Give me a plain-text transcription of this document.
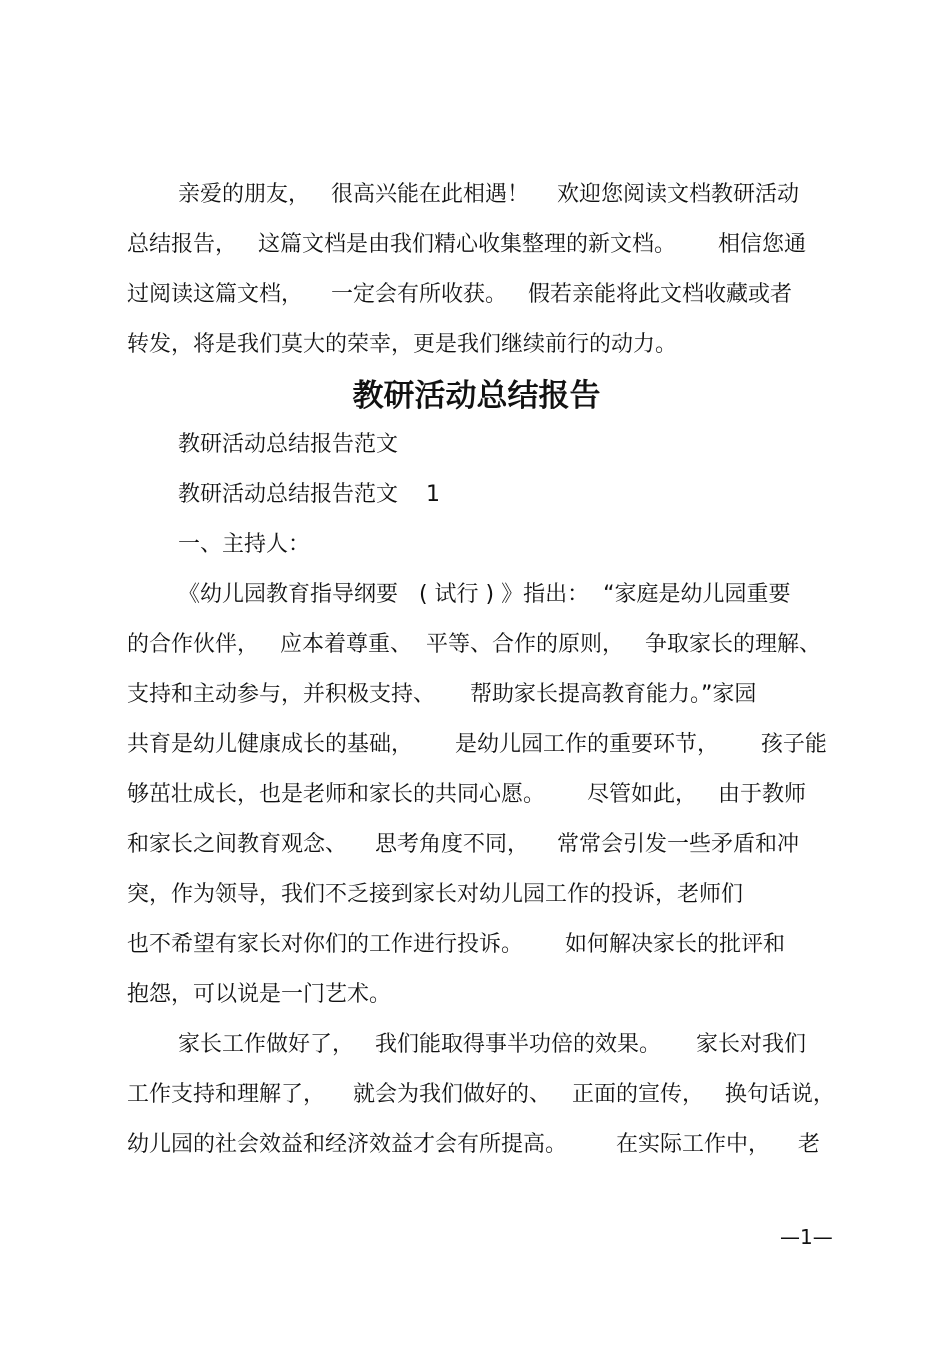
亲爱的朋友，   很高兴能在此相遇！    欢迎您阅读文档教研活动

总结报告，   这篇文档是由我们精心收集整理的新文档。      相信您通

过阅读这篇文档，    一定会有所收获。   假若亲能将此文档收藏或者

转发，将是我们莫大的荣幸，更是我们继续前行的动力。

教研活动总结报告

教研活动总结报告范文

教研活动总结报告范文    1

一、主持人：

《幼儿园教育指导纲要   ( 试行 ) 》指出：  “家庭是幼儿园重要

的合作伙伴，   应本着尊重、  平等、合作的原则，   争取家长的理解、

支持和主动参与，并积极支持、     帮助家长提高教育能力。”家园

共育是幼儿健康成长的基础，      是幼儿园工作的重要环节，      孩子能

够茁壮成长，也是老师和家长的共同心愿。      尽管如此，   由于教师

和家长之间教育观念、    思考角度不同，    常常会引发一些矛盾和冲

突，作为领导，我们不乏接到家长对幼儿园工作的投诉，老师们

也不希望有家长对你们的工作进行投诉。      如何解决家长的批评和

抱怨，可以说是一门艺术。

家长工作做好了，   我们能取得事半功倍的效果。     家长对我们

工作支持和理解了，    就会为我们做好的、   正面的宣传，   换句话说，

幼儿园的社会效益和经济效益才会有所提高。       在实际工作中，    老

—1—
